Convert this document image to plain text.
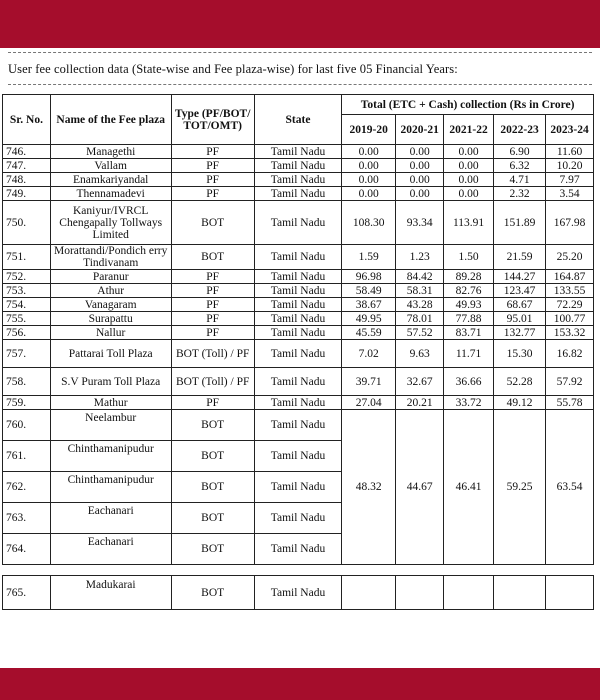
User fee collection data (State-wise and Fee plaza-wise) for last five 05 Financial Years:
Sr. No.	Name of the Fee plaza	Type (PF/BOT/ TOT/OMT)	State	Total (ETC + Cash) collection (Rs in Crore)				
				2019-20	2020-21	2021-22	2022-23	2023-24
746.	Managethi	PF	Tamil Nadu	0.00	0.00	0.00	6.90	11.60
747.	Vallam	PF	Tamil Nadu	0.00	0.00	0.00	6.32	10.20
748.	Enamkariyandal	PF	Tamil Nadu	0.00	0.00	0.00	4.71	7.97
749.	Thennamadevi	PF	Tamil Nadu	0.00	0.00	0.00	2.32	3.54
750.	Kaniyur/IVRCL Chengapally Tollways Limited	BOT	Tamil Nadu	108.30	93.34	113.91	151.89	167.98
751.	Morattandi/Pondich erry Tindivanam	BOT	Tamil Nadu	1.59	1.23	1.50	21.59	25.20
752.	Paranur	PF	Tamil Nadu	96.98	84.42	89.28	144.27	164.87
753.	Athur	PF	Tamil Nadu	58.49	58.31	82.76	123.47	133.55
754.	Vanagaram	PF	Tamil Nadu	38.67	43.28	49.93	68.67	72.29
755.	Surapattu	PF	Tamil Nadu	49.95	78.01	77.88	95.01	100.77
756.	Nallur	PF	Tamil Nadu	45.59	57.52	83.71	132.77	153.32
757.	Pattarai Toll Plaza	BOT (Toll) / PF	Tamil Nadu	7.02	9.63	11.71	15.30	16.82
758.	S.V Puram Toll Plaza	BOT (Toll) / PF	Tamil Nadu	39.71	32.67	36.66	52.28	57.92
759.	Mathur	PF	Tamil Nadu	27.04	20.21	33.72	49.12	55.78
760.	Neelambur	BOT	Tamil Nadu	48.32	44.67	46.41	59.25	63.54
761.	Chinthamanipudur	BOT	Tamil Nadu					
762.	Chinthamanipudur	BOT	Tamil Nadu					
763.	Eachanari	BOT	Tamil Nadu					
764.	Eachanari	BOT	Tamil Nadu					

765.	Madukarai	BOT	Tamil Nadu					
